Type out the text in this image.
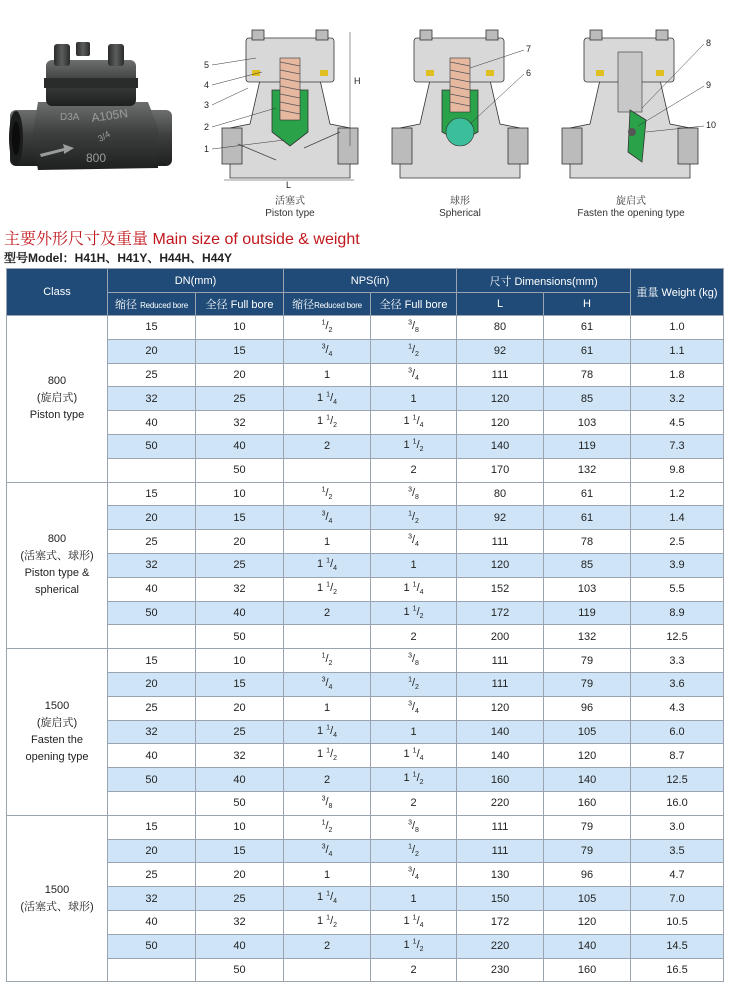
D3A A105N
3/4
800
5
4
3
2
1
H
L
7
6
8
9
10
活塞式
Piston type
球形
Spherical
旋启式
Fasten the opening type
主要外形尺寸及重量 Main size of outside & weight
型号Model：H41H、H41Y、H44H、H44Y
Class	DN(mm)		NPS(in)		尺寸 Dimensions(mm)		重量 Weight (kg)
	缩径 Reduced bore	全径 Full bore	缩径Reduced bore	全径 Full bore	L	H	

800
(旋启式)
Piston type	15	10	$^1/_2$	$^3/_8$	80	61	1.0
	20	15	$^3/_4$	$^1/_2$	92	61	1.1
	25	20	1	$^3/_4$	111	78	1.8
	32	25	1 $^1/_4$	1	120	85	3.2
	40	32	1 $^1/_2$	1 $^1/_4$	120	103	4.5
	50	40	2	1 $^1/_2$	140	119	7.3
		50		2	170	132	9.8

800
(活塞式、球形)
Piston type &
spherical	15	10	$^1/_2$	$^3/_8$	80	61	1.2
	20	15	$^3/_4$	$^1/_2$	92	61	1.4
	25	20	1	$^3/_4$	111	78	2.5
	32	25	1 $^1/_4$	1	120	85	3.9
	40	32	1 $^1/_2$	1 $^1/_4$	152	103	5.5
	50	40	2	1 $^1/_2$	172	119	8.9
		50		2	200	132	12.5

1500
(旋启式)
Fasten the
opening type	15	10	$^1/_2$	$^3/_8$	111	79	3.3
	20	15	$^3/_4$	$^1/_2$	111	79	3.6
	25	20	1	$^3/_4$	120	96	4.3
	32	25	1 $^1/_4$	1	140	105	6.0
	40	32	1 $^1/_2$	1 $^1/_4$	140	120	8.7
	50	40	2	1 $^1/_2$	160	140	12.5
		50	$^3/_8$	2	220	160	16.0

1500
(活塞式、球形)	15	10	$^1/_2$	$^3/_8$	111	79	3.0
	20	15	$^3/_4$	$^1/_2$	111	79	3.5
	25	20	1	$^3/_4$	130	96	4.7
	32	25	1 $^1/_4$	1	150	105	7.0
	40	32	1 $^1/_2$	1 $^1/_4$	172	120	10.5
	50	40	2	1 $^1/_2$	220	140	14.5
		50		2	230	160	16.5
